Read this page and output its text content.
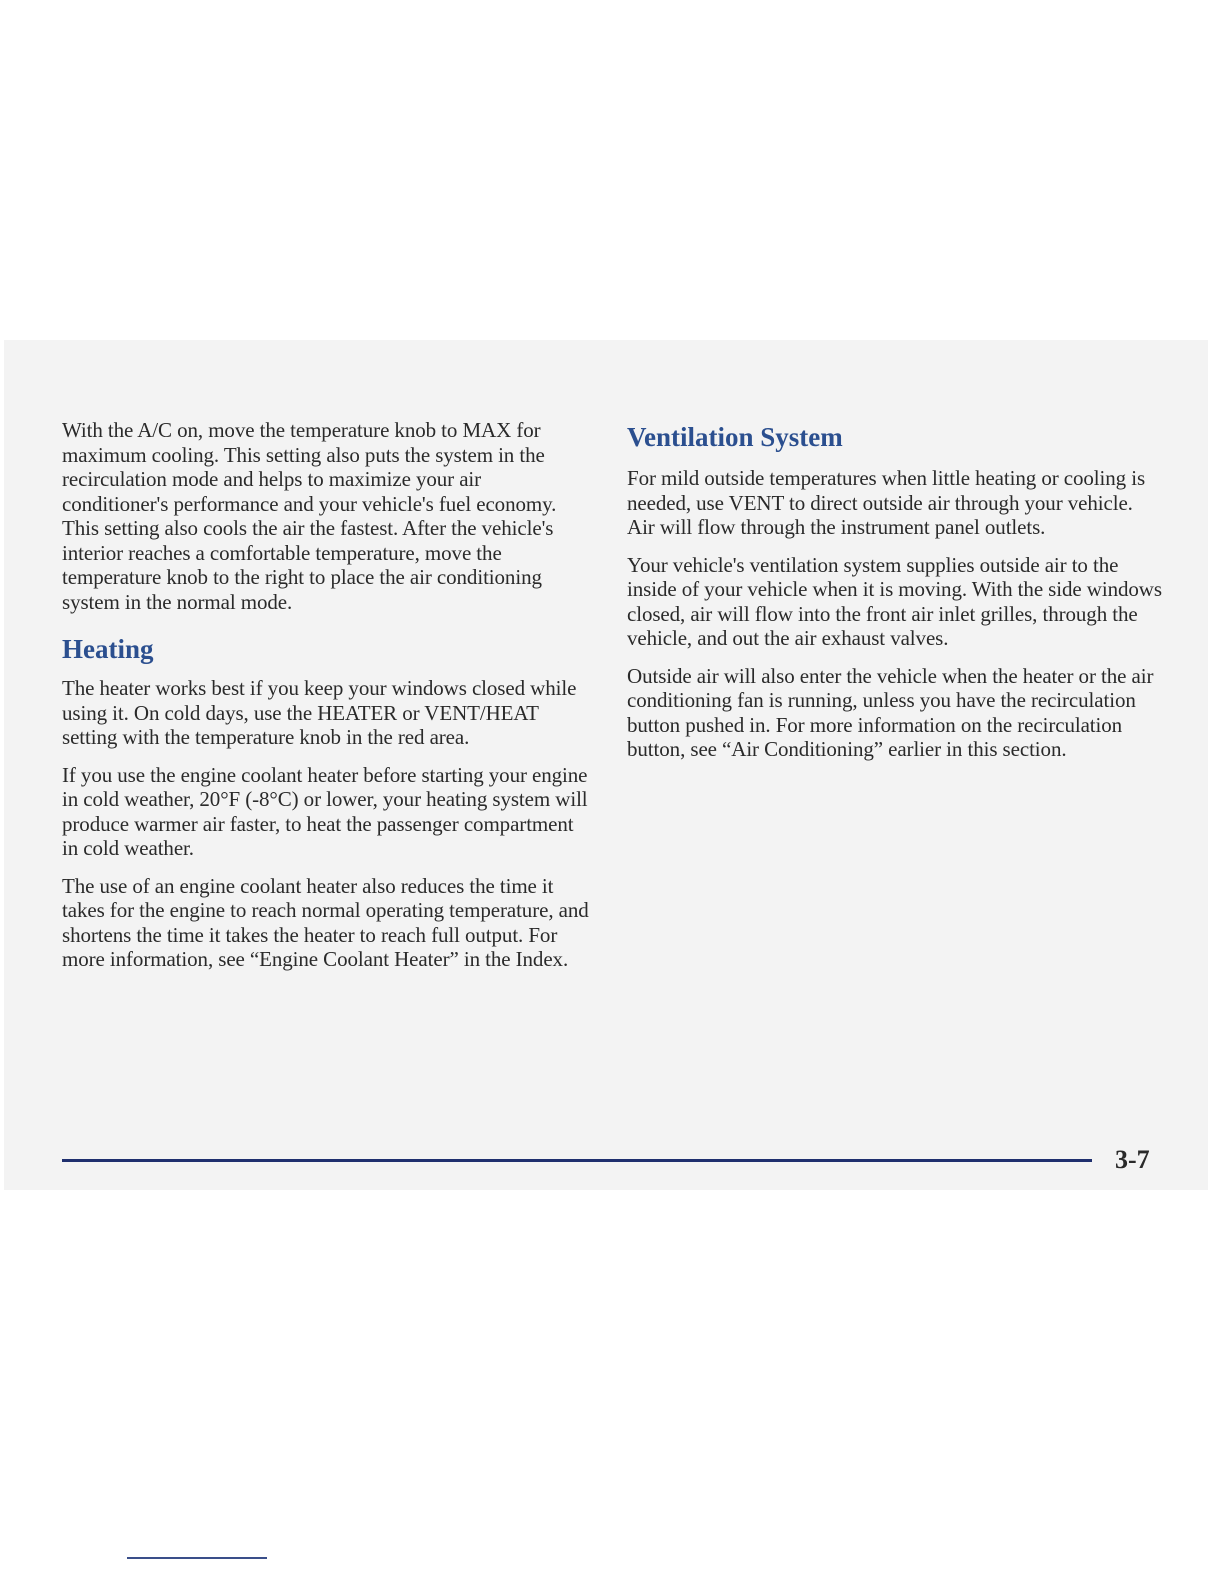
With the A/C on, move the temperature knob to MAX for maximum cooling. This setting also puts the system in the recirculation mode and helps to maximize your air conditioner's performance and your vehicle's fuel economy. This setting also cools the air the fastest. After the vehicle's interior reaches a comfortable temperature, move the temperature knob to the right to place the air conditioning system in the normal mode.

Heating

The heater works best if you keep your windows closed while using it. On cold days, use the HEATER or VENT/HEAT setting with the temperature knob in the red area.

If you use the engine coolant heater before starting your engine in cold weather, 20°F (-8°C) or lower, your heating system will produce warmer air faster, to heat the passenger compartment in cold weather.

The use of an engine coolant heater also reduces the time it takes for the engine to reach normal operating temperature, and shortens the time it takes the heater to reach full output. For more information, see “Engine Coolant Heater” in the Index.

Ventilation System

For mild outside temperatures when little heating or cooling is needed, use VENT to direct outside air through your vehicle. Air will flow through the instrument panel outlets.

Your vehicle's ventilation system supplies outside air to the inside of your vehicle when it is moving. With the side windows closed, air will flow into the front air inlet grilles, through the vehicle, and out the air exhaust valves.

Outside air will also enter the vehicle when the heater or the air conditioning fan is running, unless you have the recirculation button pushed in. For more information on the recirculation button, see “Air Conditioning” earlier in this section.

3-7
